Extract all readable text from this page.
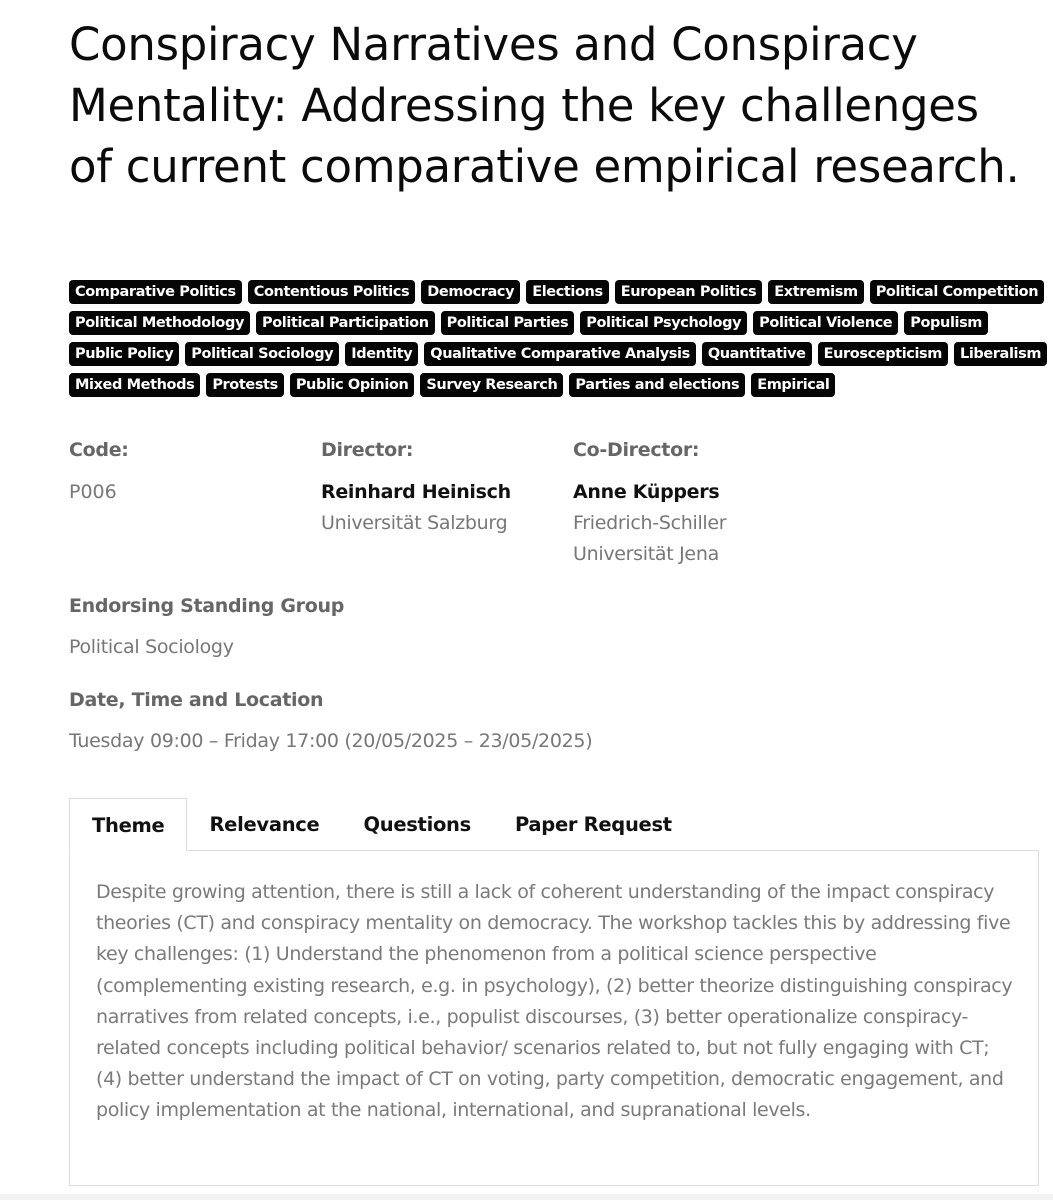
Conspiracy Narratives and Conspiracy Mentality: Addressing the key challenges of current comparative empirical research.
Comparative Politics	Contentious Politics	Democracy	Elections	European Politics	Extremism	Political Competition
Political Methodology	Political Participation	Political Parties	Political Psychology	Political Violence	Populism
Public Policy	Political Sociology	Identity	Qualitative Comparative Analysis	Quantitative	Euroscepticism	Liberalism
Mixed Methods	Protests	Public Opinion	Survey Research	Parties and elections	Empirical
Code:
P006
Director:
Reinhard Heinisch
Universität Salzburg
Co-Director:
Anne Küppers
Friedrich-Schiller
Universität Jena
Endorsing Standing Group
Political Sociology
Date, Time and Location
Tuesday 09:00 – Friday 17:00 (20/05/2025 – 23/05/2025)
Theme	Relevance	Questions	Paper Request

Despite growing attention, there is still a lack of coherent understanding of the impact conspiracy theories (CT) and conspiracy mentality on democracy. The workshop tackles this by addressing five key challenges: (1) Understand the phenomenon from a political science perspective (complementing existing research, e.g. in psychology), (2) better theorize distinguishing conspiracy narratives from related concepts, i.e., populist discourses, (3) better operationalize conspiracy-related concepts including political behavior/ scenarios related to, but not fully engaging with CT; (4) better understand the impact of CT on voting, party competition, democratic engagement, and policy implementation at the national, international, and supranational levels.
